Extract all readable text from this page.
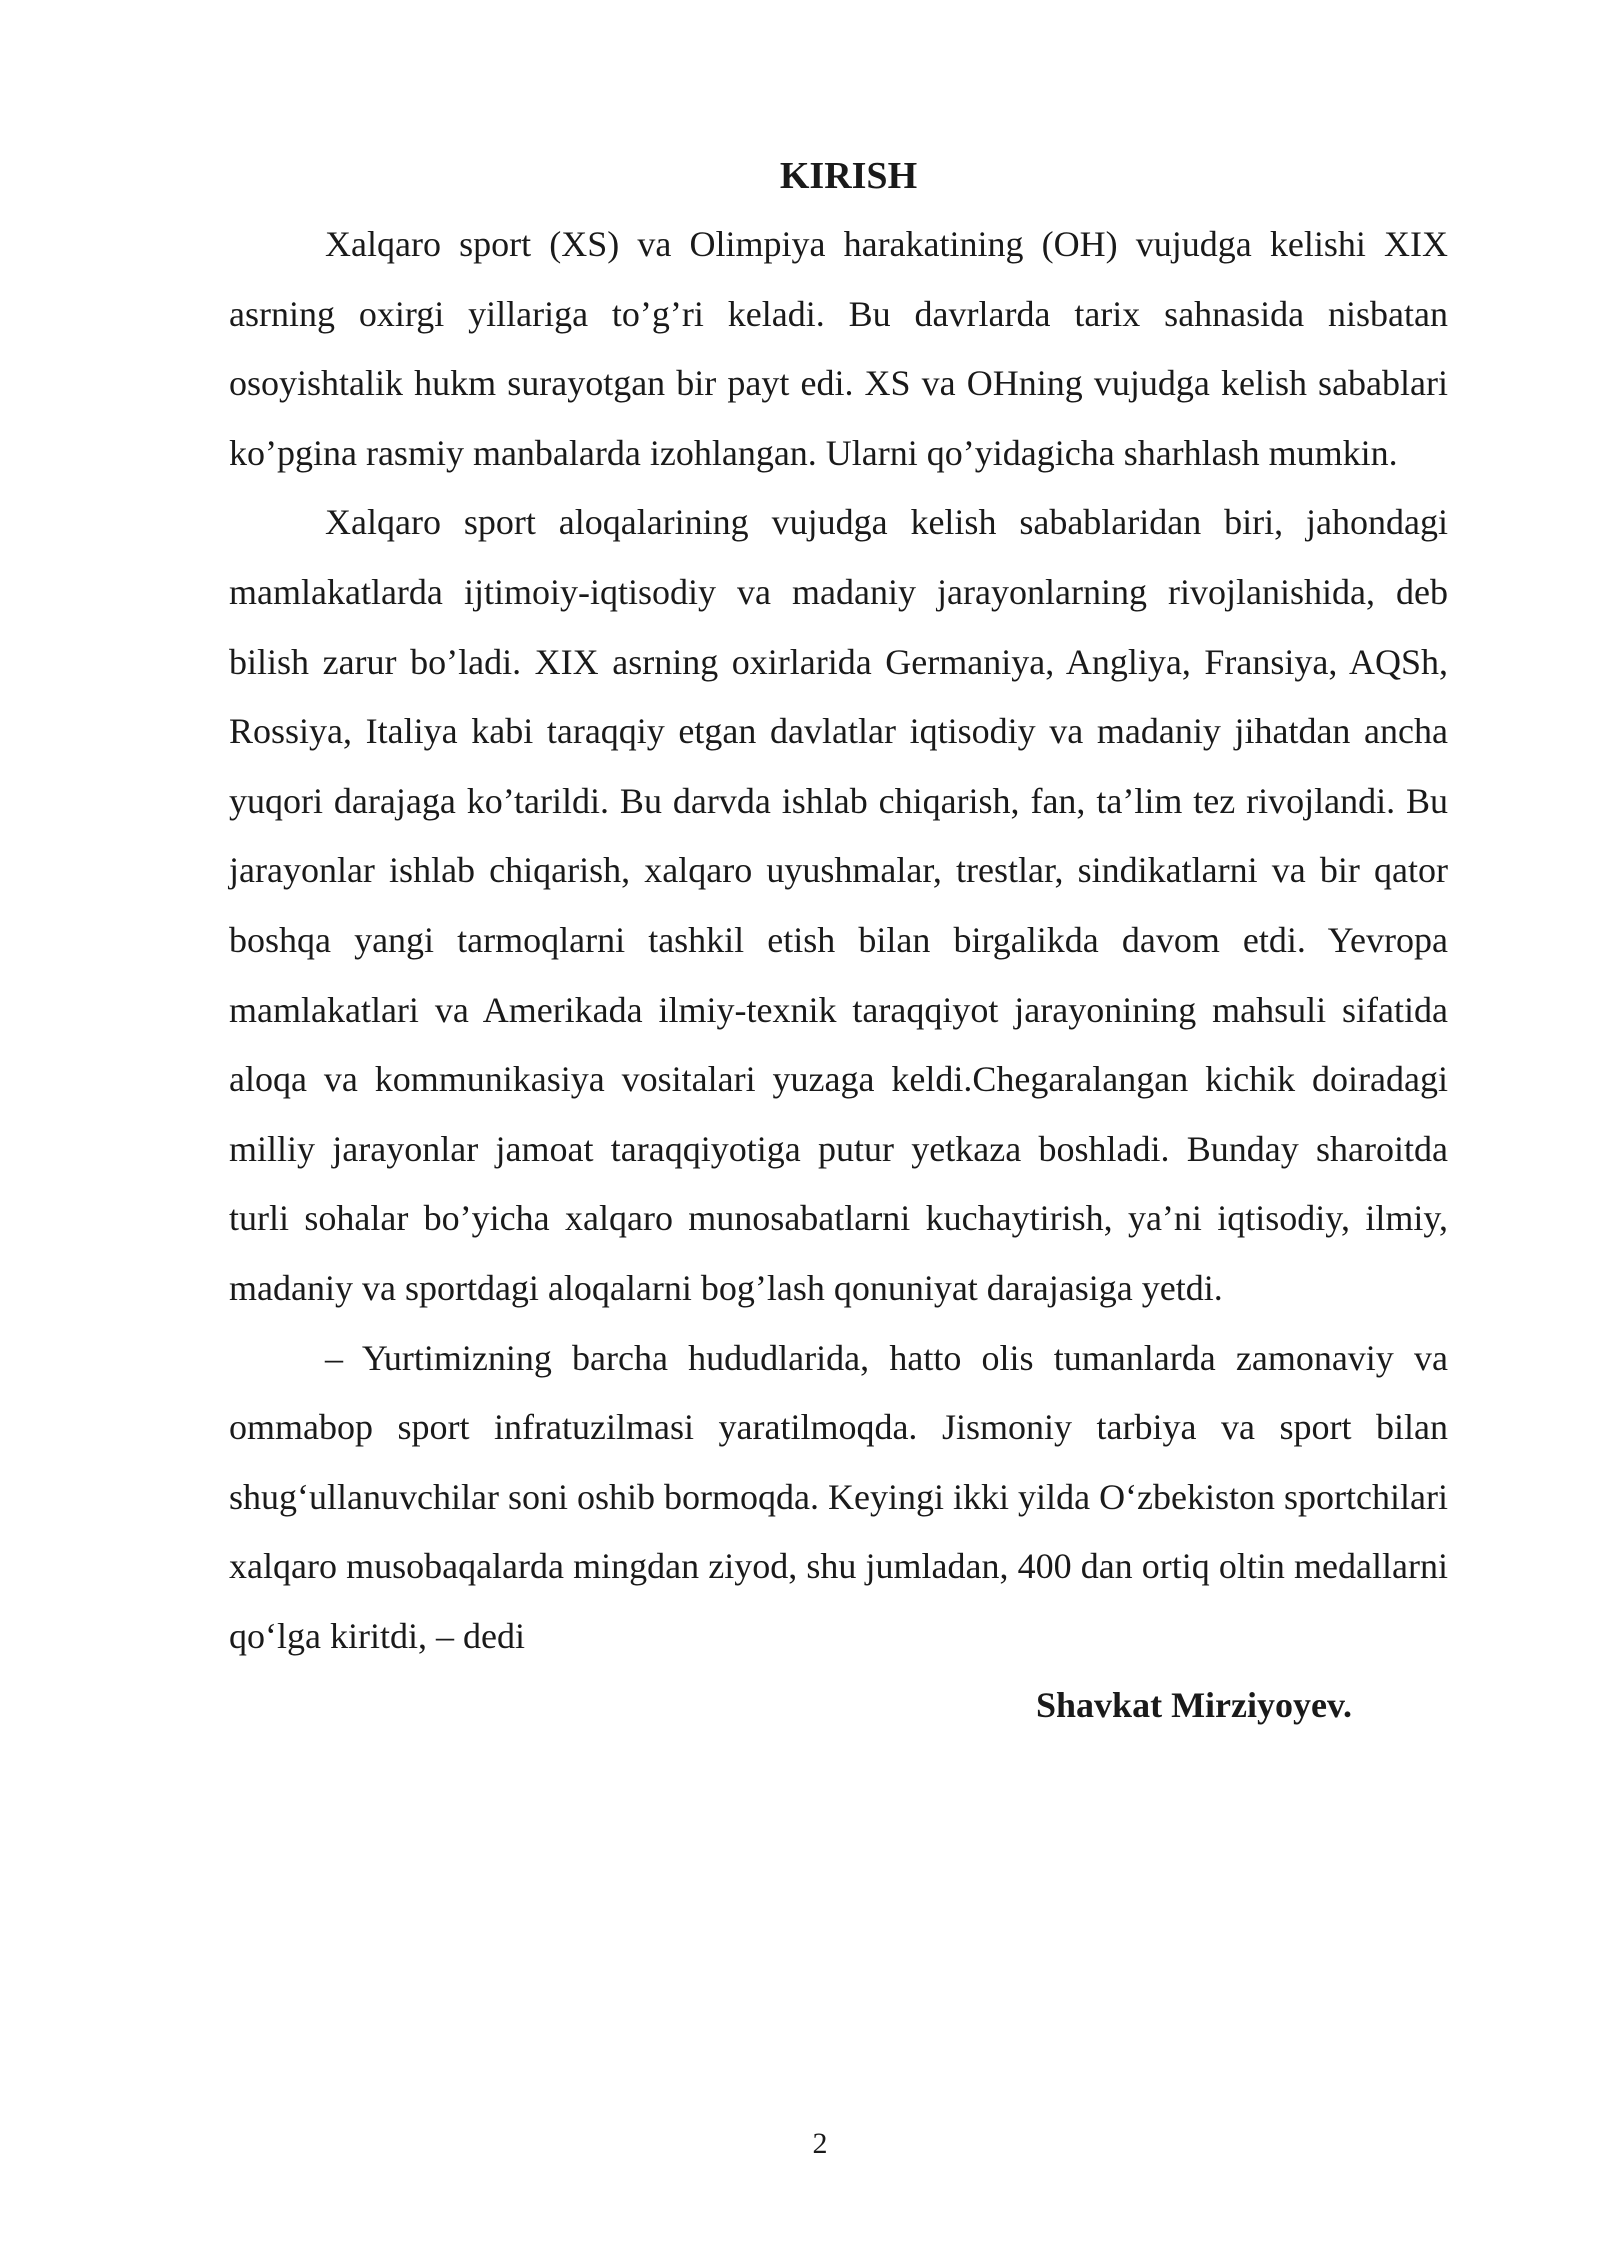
KIRISH

Xalqaro sport (XS) va Olimpiya harakatining (OH) vujudga kelishi XIX asrning oxirgi yillariga to’g’ri keladi. Bu davrlarda tarix sahnasida nisbatan osoyishtalik hukm surayotgan bir payt edi. XS va OHning vujudga kelish sabablari ko’pgina rasmiy manbalarda izohlangan. Ularni qo’yidagicha sharhlash mumkin.

Xalqaro sport aloqalarining vujudga kelish sabablaridan biri, jahondagi mamlakatlarda ijtimoiy-iqtisodiy va madaniy jarayonlarning rivojlanishida, deb bilish zarur bo’ladi. XIX asrning oxirlarida Germaniya, Angliya, Fransiya, AQSh, Rossiya, Italiya kabi taraqqiy etgan davlatlar iqtisodiy va madaniy jihatdan ancha yuqori darajaga ko’tarildi. Bu darvda ishlab chiqarish, fan, ta’lim tez rivojlandi. Bu jarayonlar ishlab chiqarish, xalqaro uyushmalar, trestlar, sindikatlarni va bir qator boshqa yangi tarmoqlarni tashkil etish bilan birgalikda davom etdi. Yevropa mamlakatlari va Amerikada ilmiy-texnik taraqqiyot jarayonining mahsuli sifatida aloqa va kommunikasiya vositalari yuzaga keldi.Chegaralangan kichik doiradagi milliy jarayonlar jamoat taraqqiyotiga putur yetkaza boshladi. Bunday sharoitda turli sohalar bo’yicha xalqaro munosabatlarni kuchaytirish, ya’ni iqtisodiy, ilmiy, madaniy va sportdagi aloqalarni bog’lash qonuniyat darajasiga yetdi.

– Yurtimizning barcha hududlarida, hatto olis tumanlarda zamonaviy va ommabop sport infratuzilmasi yaratilmoqda. Jismoniy tarbiya va sport bilan shug‘ullanuvchilar soni oshib bormoqda. Keyingi ikki yilda O‘zbekiston sportchilari xalqaro musobaqalarda mingdan ziyod, shu jumladan, 400 dan ortiq oltin medallarni qo‘lga kiritdi, – dedi

Shavkat Mirziyoyev.

2
